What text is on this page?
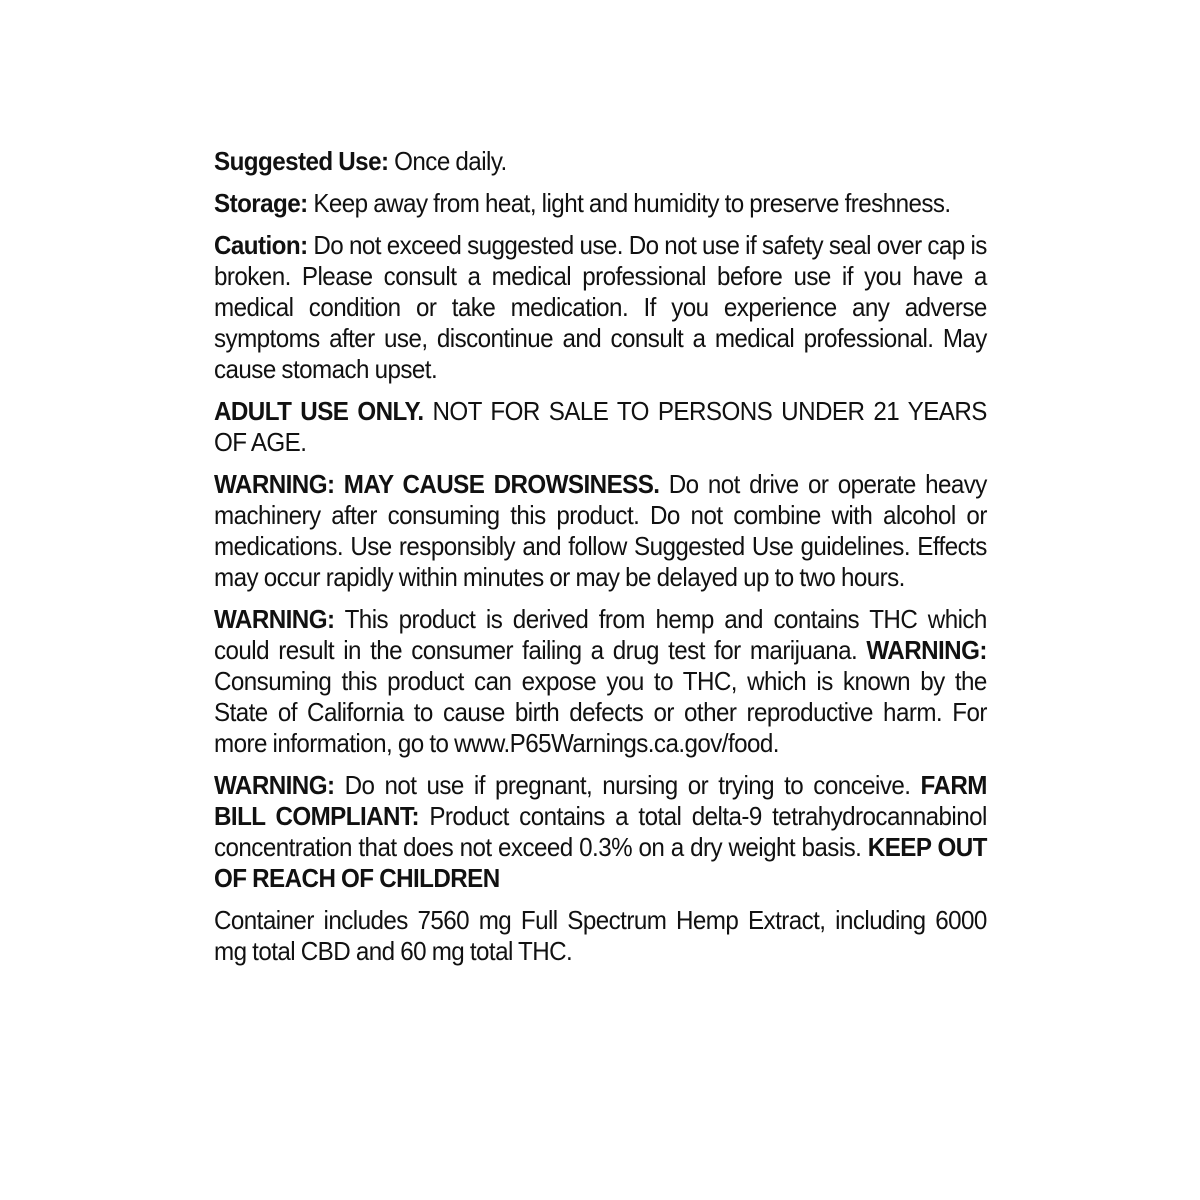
Suggested Use: Once daily.

Storage: Keep away from heat, light and humidity to preserve freshness.

Caution: Do not exceed suggested use. Do not use if safety seal over cap is broken. Please consult a medical professional before use if you have a medical condition or take medication. If you experience any adverse symptoms after use, discontinue and consult a medical professional. May cause stomach upset.

ADULT USE ONLY. NOT FOR SALE TO PERSONS UNDER 21 YEARS OF AGE.

WARNING: MAY CAUSE DROWSINESS. Do not drive or operate heavy machinery after consuming this product. Do not combine with alcohol or medications. Use responsibly and follow Suggested Use guidelines. Effects may occur rapidly within minutes or may be delayed up to two hours.

WARNING: This product is derived from hemp and contains THC which could result in the consumer failing a drug test for marijuana. WARNING: Consuming this product can expose you to THC, which is known by the State of California to cause birth defects or other reproductive harm. For more information, go to www.P65Warnings.ca.gov/food.

WARNING: Do not use if pregnant, nursing or trying to conceive. FARM BILL COMPLIANT: Product contains a total delta-9 tetrahydrocannabinol concentration that does not exceed 0.3% on a dry weight basis. KEEP OUT OF REACH OF CHILDREN

Container includes 7560 mg Full Spectrum Hemp Extract, including 6000 mg total CBD and 60 mg total THC.
